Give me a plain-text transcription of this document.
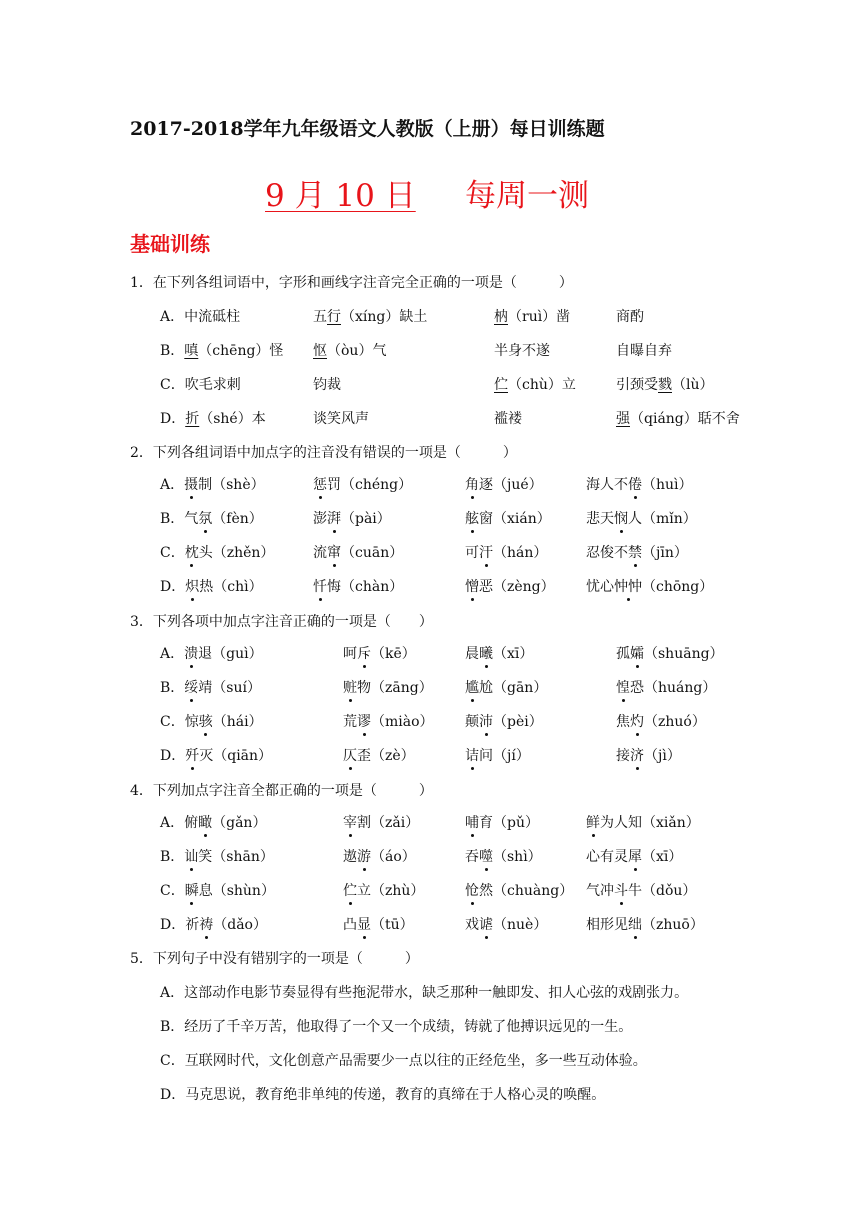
2017-2018学年九年级语文人教版（上册）每日训练题
9 月 10 日 每周一测
基础训练
1．在下列各组词语中，字形和画线字注音完全正确的一项是（　　　）
A．中流砥柱	五行（xíng）缺土	枘（ruì）凿	商酌
B．嗔（chēng）怪 怄（òu）气	半身不遂	自曝自弃
C．吹毛求刺	钧裁	伫（chù）立	引颈受戮（lù）
D．折（shé）本	谈笑风声	褴褛	强（qiáng）聒不舍
2．下列各组词语中加点字的注音没有错误的一项是（　　　）
A．摄制（shè）	惩罚（chéng）	角逐（jué）	海人不倦（huì）
B．气氛（fèn）	澎湃（pài）	舷窗（xián）	悲天悯人（mǐn）
C．枕头（zhěn）	流窜（cuān）	可汗（hán）	忍俊不禁（jīn）
D．炽热（chì）	忏悔（chàn）	憎恶（zèng） 忧心忡忡（chōng）
3．下列各项中加点字注音正确的一项是（　　）
A．溃退（guì）	呵斥（kē）	晨曦（xī）	孤孀（shuāng）
B．绥靖（suí）	赃物（zāng） 尴尬（gān）	惶恐（huáng）
C．惊骇（hái）	荒谬（miào） 颠沛（pèi）	焦灼（zhuó）
D．歼灭（qiān）	仄歪（zè）	诘问（jí）	接济（jì）
4．下列加点字注音全都正确的一项是（　　　）
A．俯瞰（gǎn）	宰割（zǎi）	哺育（pǔ）	鲜为人知（xiǎn）
B．讪笑（shān）	遨游（áo）	吞噬（shì）	心有灵犀（xī）
C．瞬息（shùn）	伫立（zhù）	怆然（chuàng） 气冲斗牛（dǒu）
D．祈祷（dǎo）	凸显（tū）	戏谑（nuè）	相形见绌（zhuō）
5．下列句子中没有错别字的一项是（　　　）
A．这部动作电影节奏显得有些拖泥带水，缺乏那种一触即发、扣人心弦的戏剧张力。
B．经历了千辛万苦，他取得了一个又一个成绩，铸就了他搏识远见的一生。
C．互联网时代，文化创意产品需要少一点以往的正经危坐，多一些互动体验。
D．马克思说，教育绝非单纯的传递，教育的真缔在于人格心灵的唤醒。
